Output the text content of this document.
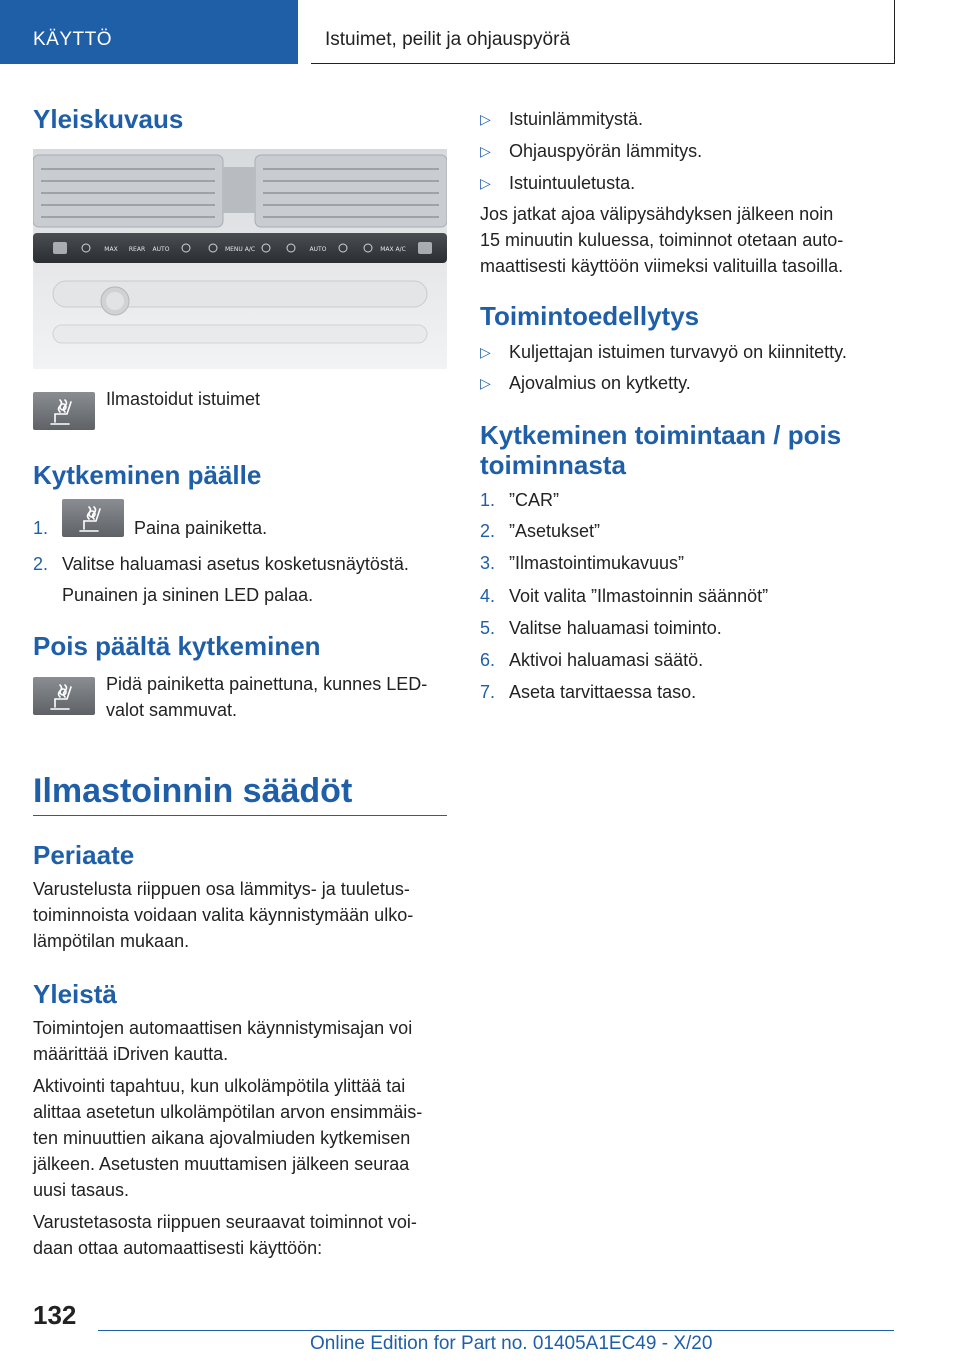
KÄYTTÖ	Istuimet, peilit ja ohjauspyörä
Yleiskuvaus
MAX REAR AUTO	MENU A/C	AUTO	MAX A/C

Ilmastoidut istuimet

Kytkeminen päälle
1.	Paina painiketta.
2. Valitse haluamasi asetus kosketusnäytöstä.
Punainen ja sininen LED palaa.
Pois päältä kytkeminen
Pidä painiketta painettuna, kunnes LED-
valot sammuvat.
Ilmastoinnin säädöt
Periaate
Varustelusta riippuen osa lämmitys- ja tuuletus-
toiminnoista voidaan valita käynnistymään ulko-
lämpötilan mukaan.
Yleistä
Toimintojen automaattisen käynnistymisajan voi
määrittää iDriven kautta.
Aktivointi tapahtuu, kun ulkolämpötila ylittää tai
alittaa asetetun ulkolämpötilan arvon ensimmäis-
ten minuuttien aikana ajovalmiuden kytkemisen
jälkeen. Asetusten muuttamisen jälkeen seuraa
uusi tasaus.
Varustetasosta riippuen seuraavat toiminnot voi-
daan ottaa automaattisesti käyttöön:
▷ Istuinlämmitystä.
▷ Ohjauspyörän lämmitys.
▷ Istuintuuletusta.
Jos jatkat ajoa välipysähdyksen jälkeen noin
15 minuutin kuluessa, toiminnot otetaan auto-
maattisesti käyttöön viimeksi valituilla tasoilla.
Toimintoedellytys
▷ Kuljettajan istuimen turvavyö on kiinnitetty.
▷ Ajovalmius on kytketty.
Kytkeminen toimintaan / pois
toiminnasta
1. ”CAR”
2. ”Asetukset”
3. ”Ilmastointimukavuus”
4. Voit valita ”Ilmastoinnin säännöt”
5. Valitse haluamasi toiminto.
6. Aktivoi haluamasi säätö.
7. Aseta tarvittaessa taso.
132
Online Edition for Part no. 01405A1EC49 - X/20
